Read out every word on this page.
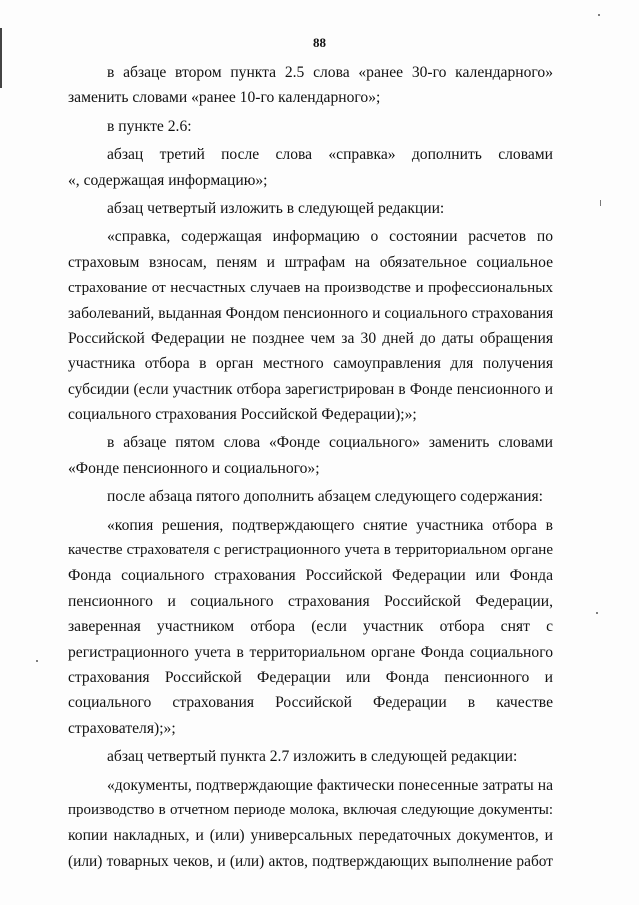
88
в абзаце втором пункта 2.5 слова «ранее 30-го календарного»
заменить словами «ранее 10-го календарного»;
в пункте 2.6:
абзац третий после слова «справка» дополнить словами
«, содержащая информацию»;
абзац четвертый изложить в следующей редакции:
«справка, содержащая информацию о состоянии расчетов по
страховым взносам, пеням и штрафам на обязательное социальное
страхование от несчастных случаев на производстве и профессиональных
заболеваний, выданная Фондом пенсионного и социального страхования
Российской Федерации не позднее чем за 30 дней до даты обращения
участника отбора в орган местного самоуправления для получения
субсидии (если участник отбора зарегистрирован в Фонде пенсионного и
социального страхования Российской Федерации);»;
в абзаце пятом слова «Фонде социального» заменить словами
«Фонде пенсионного и социального»;
после абзаца пятого дополнить абзацем следующего содержания:
«копия решения, подтверждающего снятие участника отбора в
качестве страхователя с регистрационного учета в территориальном органе
Фонда социального страхования Российской Федерации или Фонда
пенсионного и социального страхования Российской Федерации,
заверенная участником отбора (если участник отбора снят с
регистрационного учета в территориальном органе Фонда социального
страхования Российской Федерации или Фонда пенсионного и
социального страхования Российской Федерации в качестве
страхователя);»;
абзац четвертый пункта 2.7 изложить в следующей редакции:
«документы, подтверждающие фактически понесенные затраты на
производство в отчетном периоде молока, включая следующие документы:
копии накладных, и (или) универсальных передаточных документов, и
(или) товарных чеков, и (или) актов, подтверждающих выполнение работ
